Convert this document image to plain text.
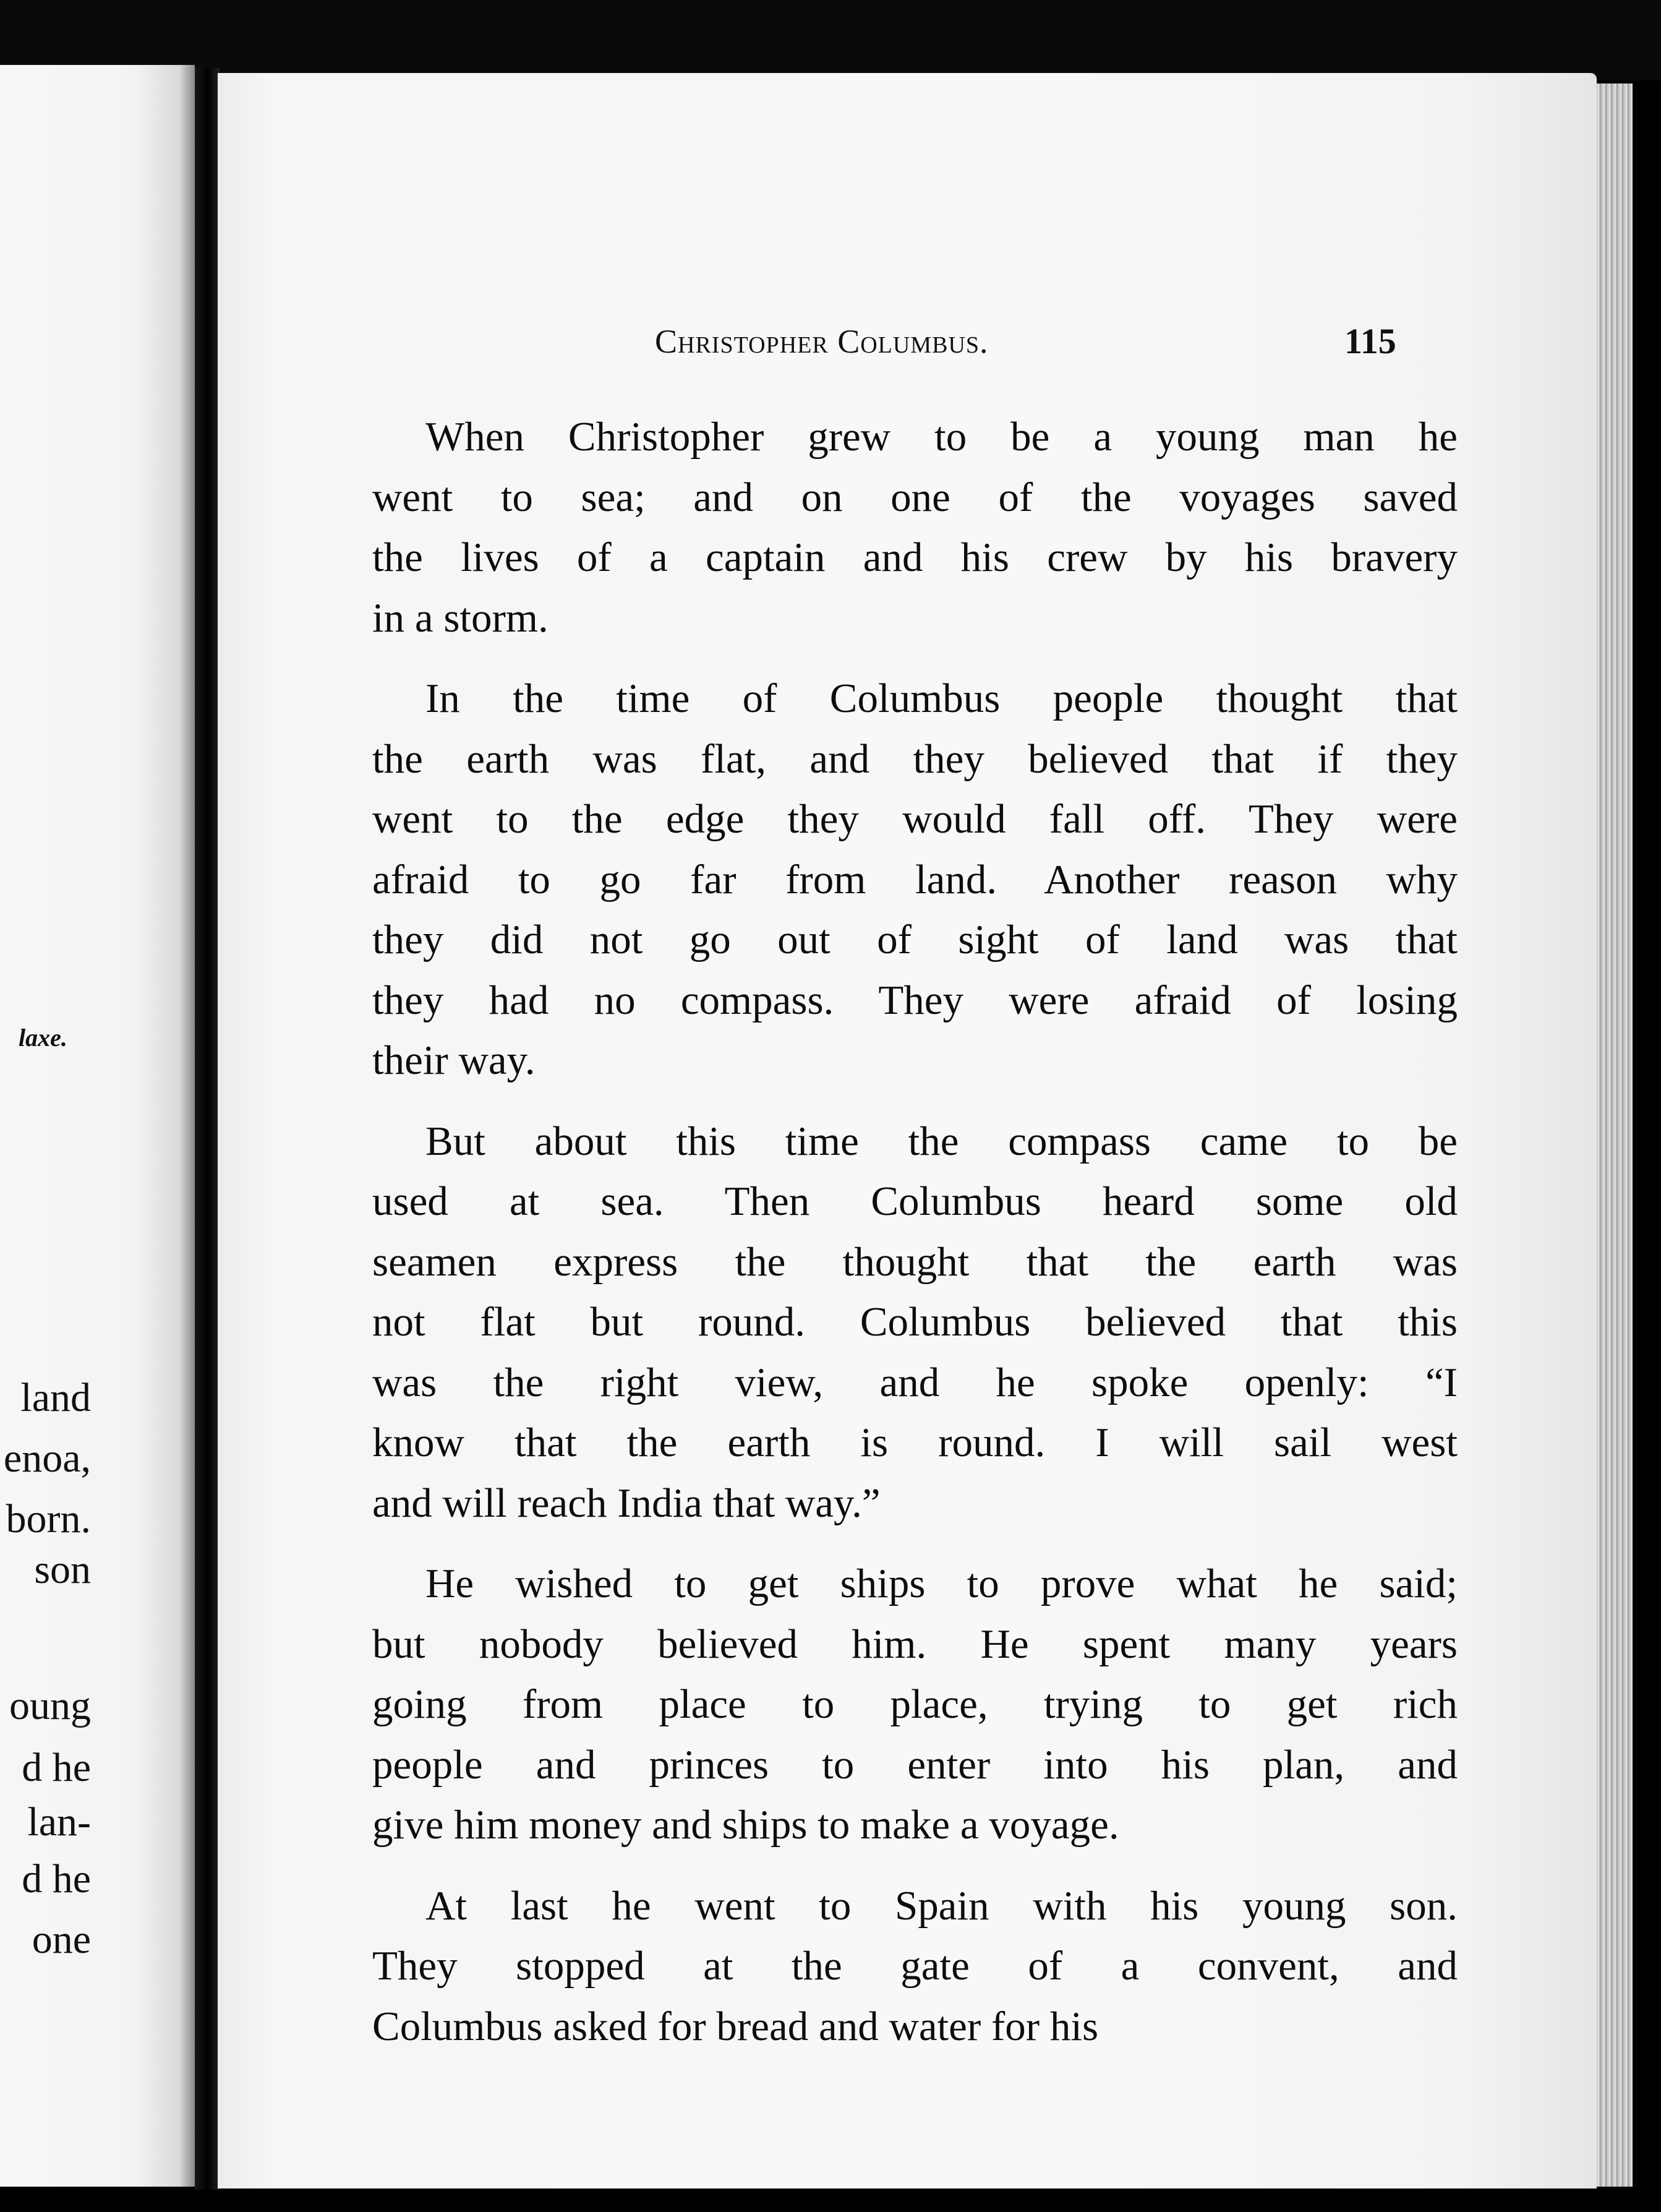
laxe.
land
enoa,
born.
son
oung
d he
lan-
d he
one
Christopher Columbus.	115
When Christopher grew to be a young man he
went to sea; and on one of the voyages saved
the lives of a captain and his crew by his bravery
in a storm.
In the time of Columbus people thought that
the earth was flat, and they believed that if they
went to the edge they would fall off. They were
afraid to go far from land. Another reason why
they did not go out of sight of land was that
they had no compass. They were afraid of losing
their way.
But about this time the compass came to be
used at sea. Then Columbus heard some old
seamen express the thought that the earth was
not flat but round. Columbus believed that this
was the right view, and he spoke openly: “I
know that the earth is round. I will sail west
and will reach India that way.”
He wished to get ships to prove what he said;
but nobody believed him. He spent many years
going from place to place, trying to get rich
people and princes to enter into his plan, and
give him money and ships to make a voyage.
At last he went to Spain with his young son.
They stopped at the gate of a convent, and
Columbus asked for bread and water for his
